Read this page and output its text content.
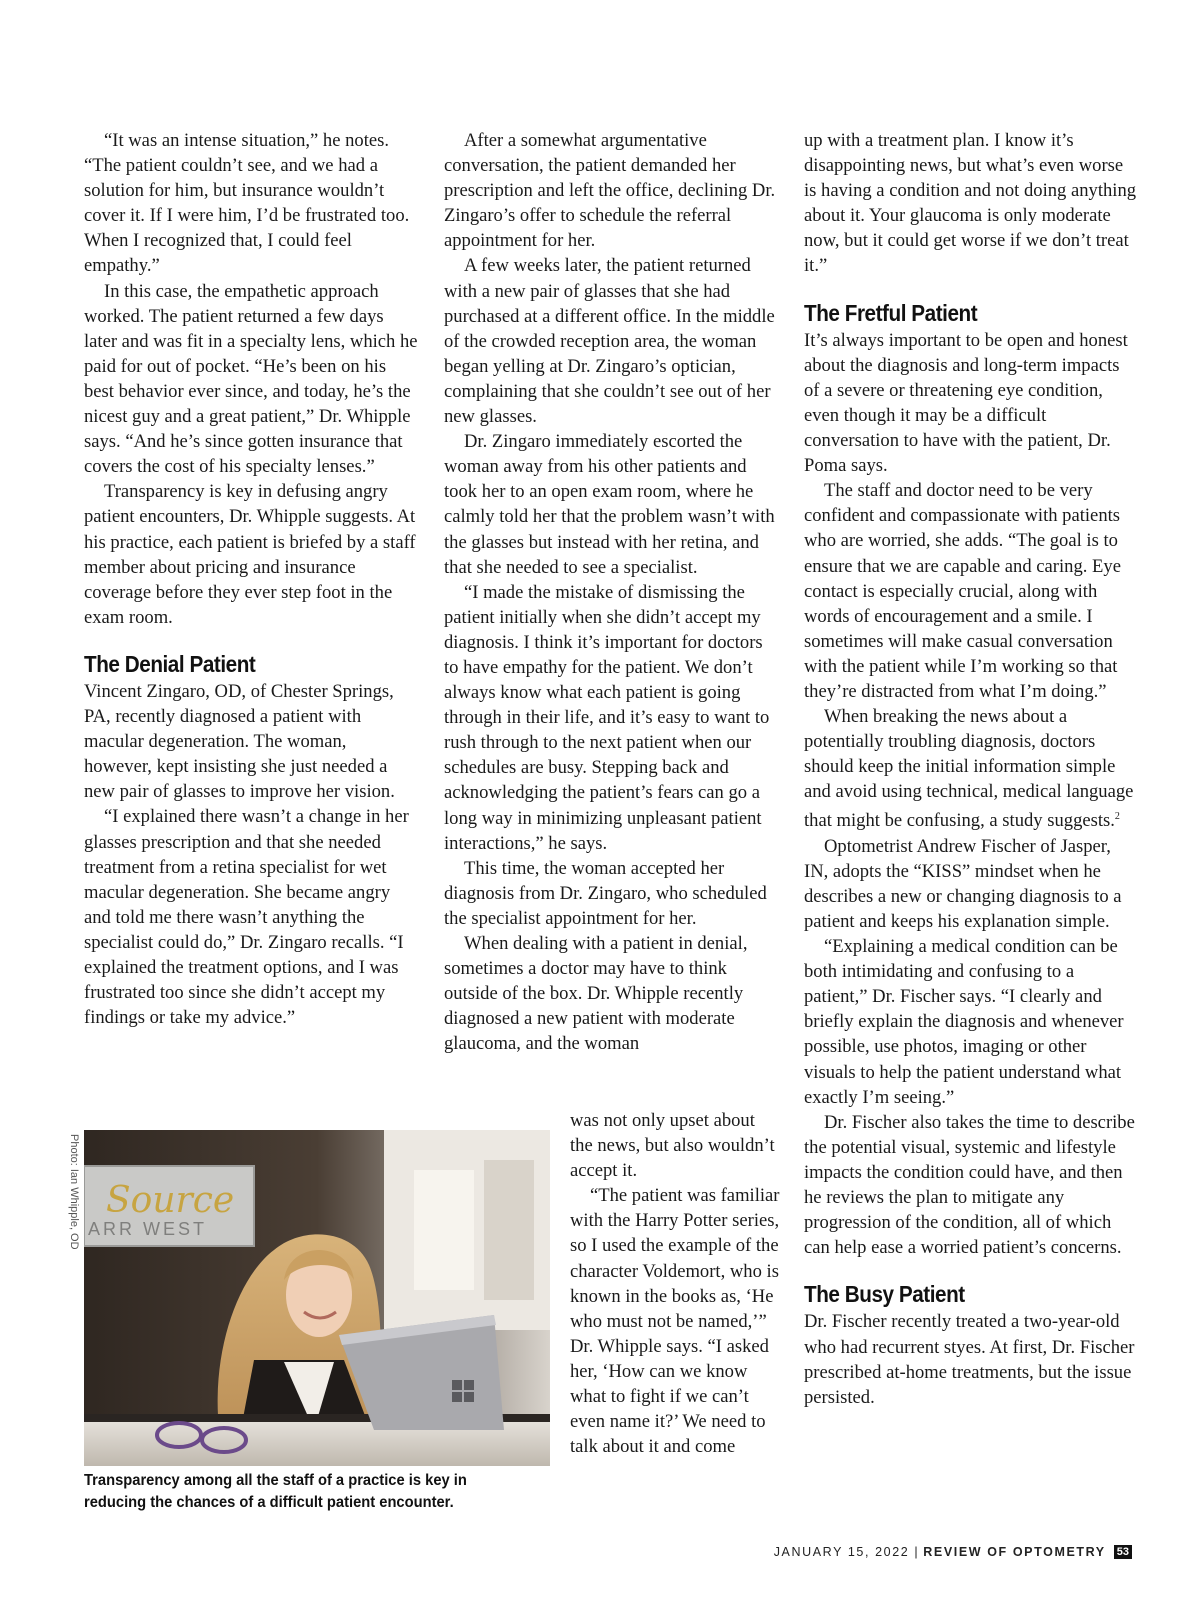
“It was an intense situation,” he notes. “The patient couldn’t see, and we had a solution for him, but insurance wouldn’t cover it. If I were him, I’d be frustrated too. When I recognized that, I could feel empathy.”

In this case, the empathetic approach worked. The patient returned a few days later and was fit in a specialty lens, which he paid for out of pocket. “He’s been on his best behavior ever since, and today, he’s the nicest guy and a great patient,” Dr. Whipple says. “And he’s since gotten insurance that covers the cost of his specialty lenses.”

Transparency is key in defusing angry patient encounters, Dr. Whipple suggests. At his practice, each patient is briefed by a staff member about pricing and insurance coverage before they ever step foot in the exam room.

The Denial Patient

Vincent Zingaro, OD, of Chester Springs, PA, recently diagnosed a patient with macular degeneration. The woman, however, kept insisting she just needed a new pair of glasses to improve her vision.

“I explained there wasn’t a change in her glasses prescription and that she needed treatment from a retina specialist for wet macular degeneration. She became angry and told me there wasn’t anything the specialist could do,” Dr. Zingaro recalls. “I explained the treatment options, and I was frustrated too since she didn’t accept my findings or take my advice.”

After a somewhat argumentative conversation, the patient demanded her prescription and left the office, declining Dr. Zingaro’s offer to schedule the referral appointment for her.

A few weeks later, the patient returned with a new pair of glasses that she had purchased at a different office. In the middle of the crowded reception area, the woman began yelling at Dr. Zingaro’s optician, complaining that she couldn’t see out of her new glasses.

Dr. Zingaro immediately escorted the woman away from his other patients and took her to an open exam room, where he calmly told her that the problem wasn’t with the glasses but instead with her retina, and that she needed to see a specialist.

“I made the mistake of dismissing the patient initially when she didn’t accept my diagnosis. I think it’s important for doctors to have empathy for the patient. We don’t always know what each patient is going through in their life, and it’s easy to want to rush through to the next patient when our schedules are busy. Stepping back and acknowledging the patient’s fears can go a long way in minimizing unpleasant patient interactions,” he says.

This time, the woman accepted her diagnosis from Dr. Zingaro, who scheduled the specialist appointment for her.

When dealing with a patient in denial, sometimes a doctor may have to think outside of the box. Dr. Whipple recently diagnosed a new patient with moderate glaucoma, and the woman

was not only upset about the news, but also wouldn’t accept it.

“The patient was familiar with the Harry Potter series, so I used the example of the character Voldemort, who is known in the books as, ‘He who must not be named,’” Dr. Whipple says. “I asked her, ‘How can we know what to fight if we can’t even name it?’ We need to talk about it and come

up with a treatment plan. I know it’s disappointing news, but what’s even worse is having a condition and not doing anything about it. Your glaucoma is only moderate now, but it could get worse if we don’t treat it.”

The Fretful Patient

It’s always important to be open and honest about the diagnosis and long-term impacts of a severe or threatening eye condition, even though it may be a difficult conversation to have with the patient, Dr. Poma says.

The staff and doctor need to be very confident and compassionate with patients who are worried, she adds. “The goal is to ensure that we are capable and caring. Eye contact is especially crucial, along with words of encouragement and a smile. I sometimes will make casual conversation with the patient while I’m working so that they’re distracted from what I’m doing.”

When breaking the news about a potentially troubling diagnosis, doctors should keep the initial information simple and avoid using technical, medical language that might be confusing, a study suggests.$^2$

Optometrist Andrew Fischer of Jasper, IN, adopts the “KISS” mindset when he describes a new or changing diagnosis to a patient and keeps his explanation simple.

“Explaining a medical condition can be both intimidating and confusing to a patient,” Dr. Fischer says. “I clearly and briefly explain the diagnosis and whenever possible, use photos, imaging or other visuals to help the patient understand what exactly I’m seeing.”

Dr. Fischer also takes the time to describe the potential visual, systemic and lifestyle impacts the condition could have, and then he reviews the plan to mitigate any progression of the condition, all of which can help ease a worried patient’s concerns.

The Busy Patient

Dr. Fischer recently treated a two-year-old who had recurrent styes. At first, Dr. Fischer prescribed at-home treatments, but the issue persisted.

Photo: Ian Whipple, OD Source
ARR WEST
Transparency among all the staff of a practice is key in reducing the chances of a difficult patient encounter.
JANUARY 15, 2022 | REVIEW OF OPTOMETRY 53
